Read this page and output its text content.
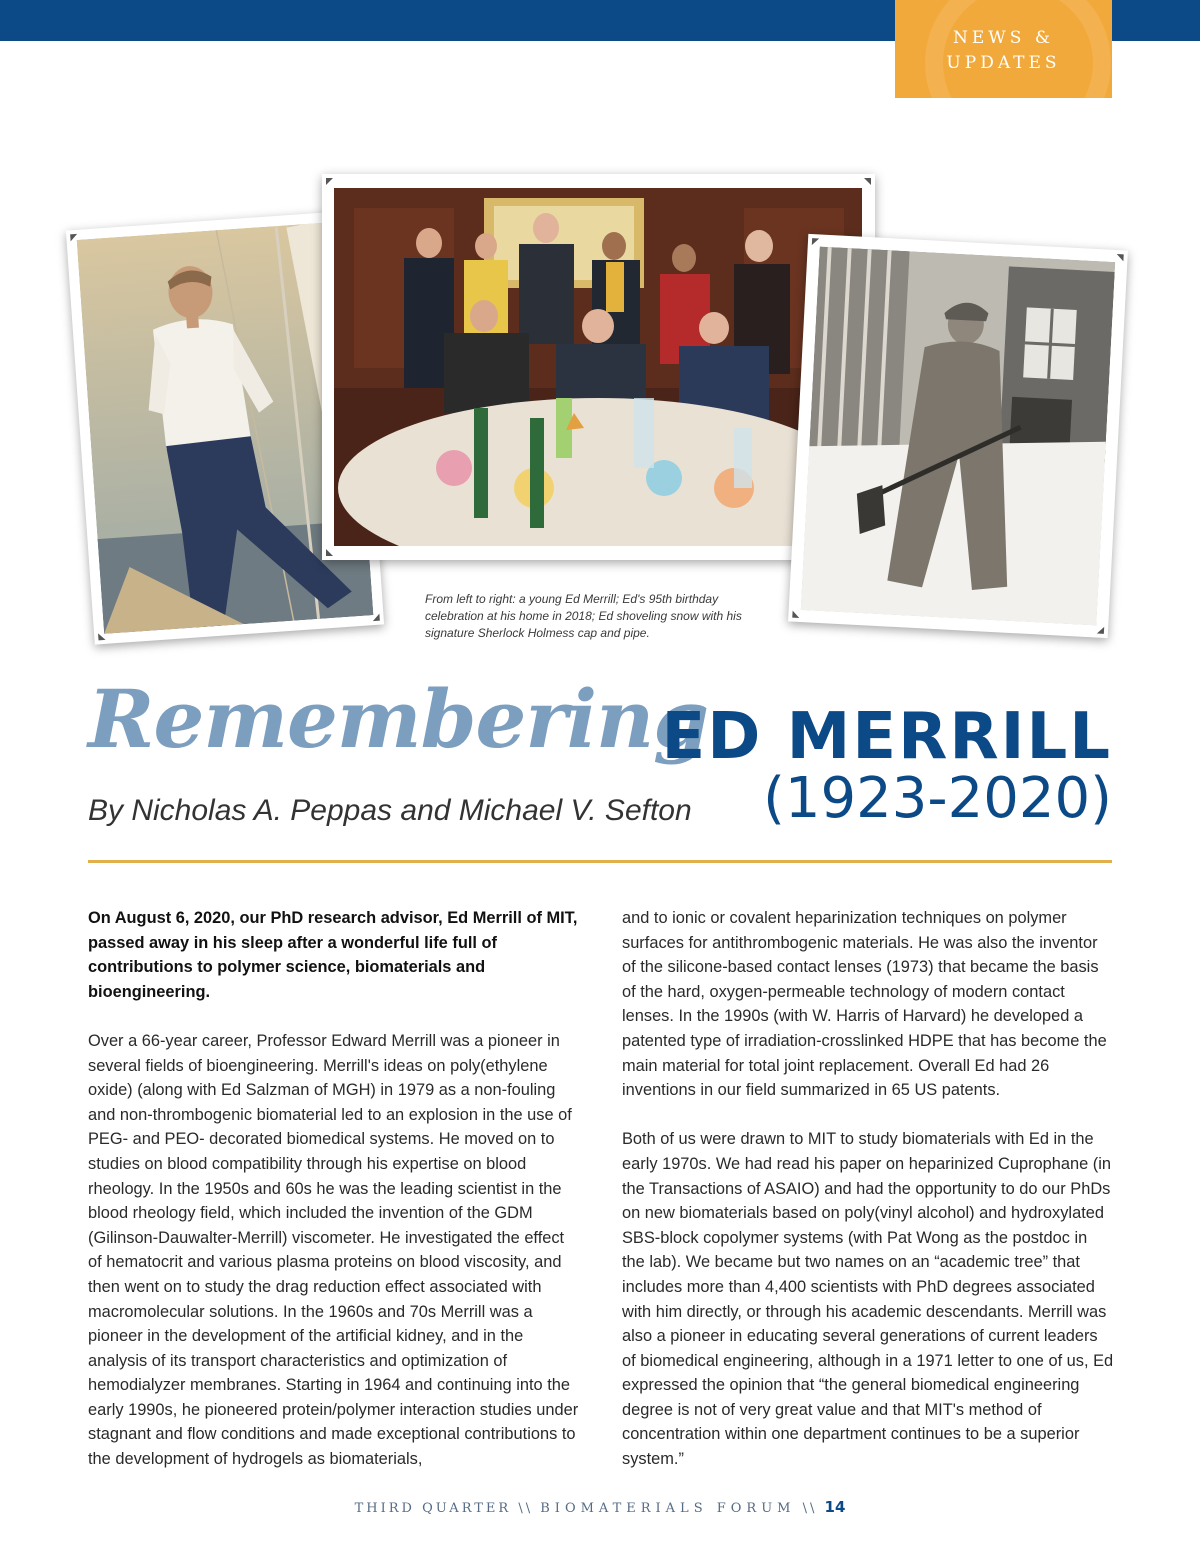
NEWS &
UPDATES
From left to right: a young Ed Merrill; Ed's 95th birthday celebration at his home in 2018; Ed shoveling snow with his signature Sherlock Holmess cap and pipe.
Remembering
ED MERRILL
(1923-2020)
By Nicholas A. Peppas and Michael V. Sefton

On August 6, 2020, our PhD research advisor, Ed Merrill of MIT, passed away in his sleep after a wonderful life full of contributions to polymer science, biomaterials and bioengineering.

Over a 66-year career, Professor Edward Merrill was a pioneer in several fields of bioengineering. Merrill's ideas on poly(ethylene oxide) (along with Ed Salzman of MGH) in 1979 as a non-fouling and non-thrombogenic biomaterial led to an explosion in the use of PEG- and PEO- decorated biomedical systems. He moved on to studies on blood compatibility through his expertise on blood rheology. In the 1950s and 60s he was the leading scientist in the blood rheology field, which included the invention of the GDM (Gilinson-Dauwalter-Merrill) viscometer. He investigated the effect of hematocrit and various plasma proteins on blood viscosity, and then went on to study the drag reduction effect associated with macromolecular solutions. In the 1960s and 70s Merrill was a pioneer in the development of the artificial kidney, and in the analysis of its transport characteristics and optimization of hemodialyzer membranes. Starting in 1964 and continuing into the early 1990s, he pioneered protein/polymer interaction studies under stagnant and flow conditions and made exceptional contributions to the development of hydrogels as biomaterials,

and to ionic or covalent heparinization techniques on polymer surfaces for antithrombogenic materials. He was also the inventor of the silicone-based contact lenses (1973) that became the basis of the hard, oxygen-permeable technology of modern contact lenses. In the 1990s (with W. Harris of Harvard) he developed a patented type of irradiation-crosslinked HDPE that has become the main material for total joint replacement. Overall Ed had 26 inventions in our field summarized in 65 US patents.

Both of us were drawn to MIT to study biomaterials with Ed in the early 1970s. We had read his paper on heparinized Cuprophane (in the Transactions of ASAIO) and had the opportunity to do our PhDs on new biomaterials based on poly(vinyl alcohol) and hydroxylated SBS-block copolymer systems (with Pat Wong as the postdoc in the lab). We became but two names on an “academic tree” that includes more than 4,400 scientists with PhD degrees associated with him directly, or through his academic descendants. Merrill was also a pioneer in educating several generations of current leaders of biomedical engineering, although in a 1971 letter to one of us, Ed expressed the opinion that “the general biomedical engineering degree is not of very great value and that MIT's method of concentration within one department continues to be a superior system.”

THIRD QUARTER \\ BIOMATERIALS FORUM \\ 14
